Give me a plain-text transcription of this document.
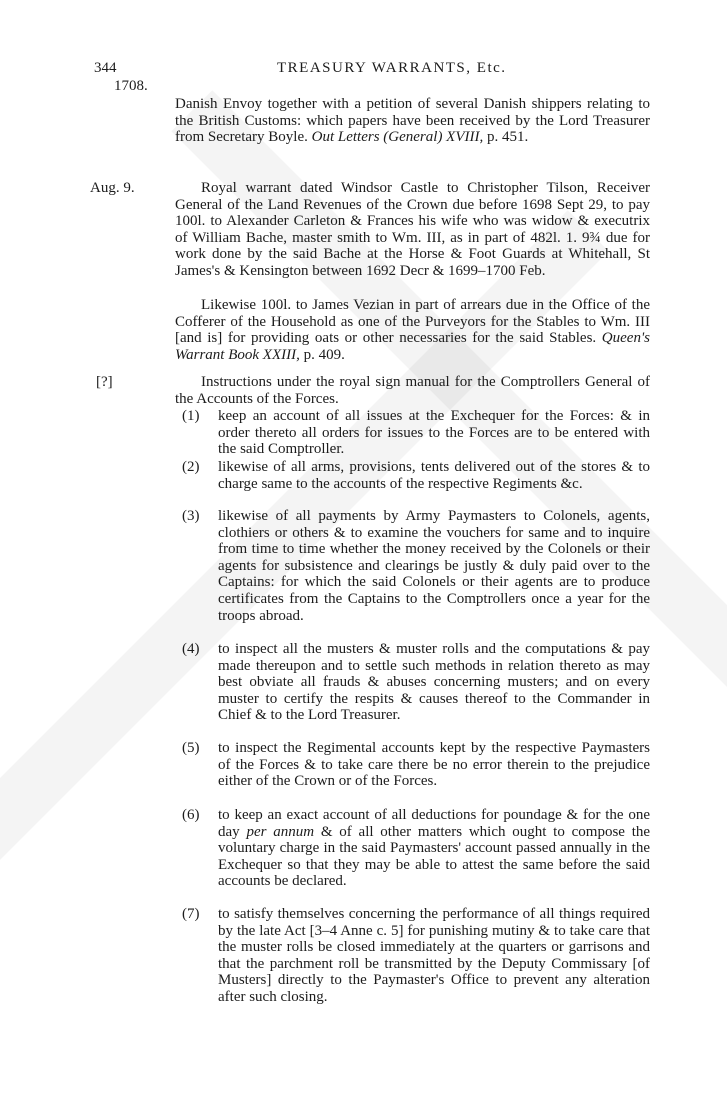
344	TREASURY WARRANTS, Etc.
1708.

Danish Envoy together with a petition of several Danish shippers relating to the British Customs: which papers have been received by the Lord Treasurer from Secretary Boyle. Out Letters (General) XVIII, p. 451.

Aug. 9.	Royal warrant dated Windsor Castle to Christopher Tilson, Receiver General of the Land Revenues of the Crown due before 1698 Sept 29, to pay 100l. to Alexander Carleton & Frances his wife who was widow & executrix of William Bache, master smith to Wm. III, as in part of 482l. 1. 9¾ due for work done by the said Bache at the Horse & Foot Guards at Whitehall, St James's & Kensington between 1692 Decr & 1699–1700 Feb.

Likewise 100l. to James Vezian in part of arrears due in the Office of the Cofferer of the Household as one of the Purveyors for the Stables to Wm. III [and is] for providing oats or other necessaries for the said Stables. Queen's Warrant Book XXIII, p. 409.

[?]	Instructions under the royal sign manual for the Comptrollers General of the Accounts of the Forces.

(1) keep an account of all issues at the Exchequer for the Forces: & in order thereto all orders for issues to the Forces are to be entered with the said Comptroller.

(2) likewise of all arms, provisions, tents delivered out of the stores & to charge same to the accounts of the respective Regiments &c.

(3) likewise of all payments by Army Paymasters to Colonels, agents, clothiers or others & to examine the vouchers for same and to inquire from time to time whether the money received by the Colonels or their agents for subsistence and clearings be justly & duly paid over to the Captains: for which the said Colonels or their agents are to produce certificates from the Captains to the Comptrollers once a year for the troops abroad.

(4) to inspect all the musters & muster rolls and the computations & pay made thereupon and to settle such methods in relation thereto as may best obviate all frauds & abuses concerning musters; and on every muster to certify the respits & causes thereof to the Commander in Chief & to the Lord Treasurer.

(5) to inspect the Regimental accounts kept by the respective Paymasters of the Forces & to take care there be no error therein to the prejudice either of the Crown or of the Forces.

(6) to keep an exact account of all deductions for poundage & for the one day per annum & of all other matters which ought to compose the voluntary charge in the said Paymasters' account passed annually in the Exchequer so that they may be able to attest the same before the said accounts be declared.

(7) to satisfy themselves concerning the performance of all things required by the late Act [3–4 Anne c. 5] for punishing mutiny & to take care that the muster rolls be closed immediately at the quarters or garrisons and that the parchment roll be transmitted by the Deputy Commissary [of Musters] directly to the Paymaster's Office to prevent any alteration after such closing.
